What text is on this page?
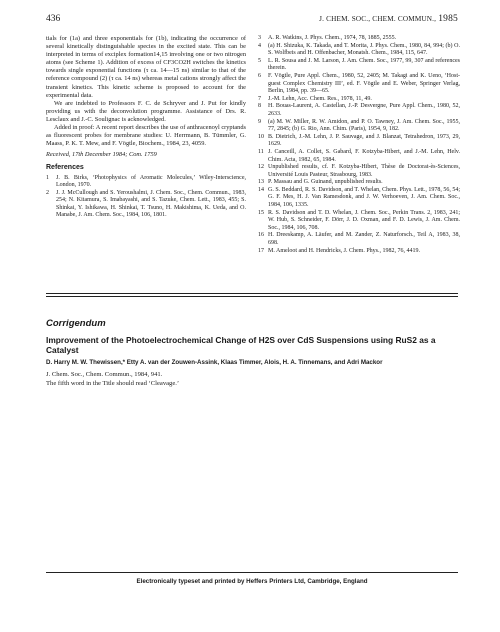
436	J. CHEM. SOC., CHEM. COMMUN., 1985

tials for (1a) and three exponentials for (1b), indicating the occurrence of several kinetically distinguishable species in the excited state. This can be interpreted in terms of exciplex formation14,15 involving one or two nitrogen atoms (see Scheme 1). Addition of excess of CF3CO2H switches the kinetics towards single exponential functions (τ ca. 14—15 ns) similar to that of the reference compound (2) (τ ca. 14 ns) whereas metal cations strongly affect the transient kinetics. This kinetic scheme is proposed to account for the experimental data.

We are indebted to Professors F. C. de Schryver and J. Put for kindly providing us with the deconvolution programme. Assistance of Drs. R. Lesclaux and J.-C. Soulignac is acknowledged.

Added in proof: A recent report describes the use of anthracenoyl cryptands as fluorescent probes for membrane studies: U. Herrmann, B. Tümmler, G. Maass, P. K. T. Mew, and F. Vögtle, Biochem., 1984, 23, 4059.

Received, 17th December 1984; Com. 1759

References
1	J. B. Birks, ‘Photophysics of Aromatic Molecules,’ Wiley-Interscience, London, 1970.
2	J. J. McCullough and S. Yeroushalmi, J. Chem. Soc., Chem. Commun., 1983, 254; N. Kitamura, S. Imabayashi, and S. Tazuke, Chem. Lett., 1983, 455; S. Shinkai, Y. Ishikawa, H. Shinkai, T. Tsuno, H. Makishima, K. Ueda, and O. Manabe, J. Am. Chem. Soc., 1984, 106, 1801.
3	A. R. Watkins, J. Phys. Chem., 1974, 78, 1885, 2555.
4	(a) H. Shizuka, K. Takada, and T. Morita, J. Phys. Chem., 1980, 84, 994; (b) O. S. Wolfbeis and H. Offenbacher, Monatsh. Chem., 1984, 115, 647.
5	L. R. Sousa and J. M. Larson, J. Am. Chem. Soc., 1977, 99, 307 and references therein.
6	F. Vögtle, Pure Appl. Chem., 1980, 52, 2405; M. Takagi and K. Ueno, ‘Host-guest Complex Chemistry III’, ed. F. Vögtle and E. Weber, Springer Verlag, Berlin, 1984, pp. 39—65.
7	J.-M. Lehn, Acc. Chem. Res., 1978, 11, 49.
8	H. Bouas-Laurent, A. Castellan, J.-P. Desvergne, Pure Appl. Chem., 1980, 52, 2633.
9	(a) M. W. Miller, R. W. Amidon, and P. O. Tawney, J. Am. Chem. Soc., 1955, 77, 2845; (b) G. Rio, Ann. Chim. (Paris), 1954, 9, 182.
10 B. Dietrich, J.-M. Lehn, J. P. Sauvage, and J. Blanzat, Tetrahedron, 1973, 29, 1629.
11 J. Canceill, A. Collet, S. Gabard, F. Kotzyba-Hibert, and J.-M. Lehn, Helv. Chim. Acta, 1982, 65, 1984.
12 Unpublished results, cf. F. Kotzyba-Hibert, Thèse de Doctorat-ès-Sciences, Université Louis Pasteur, Strasbourg, 1983.
13 P. Massau and G. Guinand, unpublished results.
14 G. S. Beddard, R. S. Davidson, and T. Whelan, Chem. Phys. Lett., 1978, 56, 54; G. F. Mes, H. J. Van Ramesdonk, and J. W. Verhoeven, J. Am. Chem. Soc., 1984, 106, 1335.
15 R. S. Davidson and T. D. Whelan, J. Chem. Soc., Perkin Trans. 2, 1983, 241; W. Hub, S. Schneider, F. Dörr, J. D. Oxman, and F. D. Lewis, J. Am. Chem. Soc., 1984, 106, 708.
16 H. Dreeskamp, A. Läufer, and M. Zander, Z. Naturforsch., Teil A, 1983, 38, 698.
17 M. Ameloot and H. Hendricks, J. Chem. Phys., 1982, 76, 4419.

Corrigendum

Improvement of the Photoelectrochemical Change of H2S over CdS Suspensions using RuS2 as a Catalyst

D. Harry M. W. Thewissen,* Etty A. van der Zouwen-Assink, Klaas Timmer, Alois, H. A. Tinnemans, and Adri Mackor

J. Chem. Soc., Chem. Commun., 1984, 941.

The fifth word in the Title should read ‘Cleavage.’

Electronically typeset and printed by Heffers Printers Ltd, Cambridge, England
